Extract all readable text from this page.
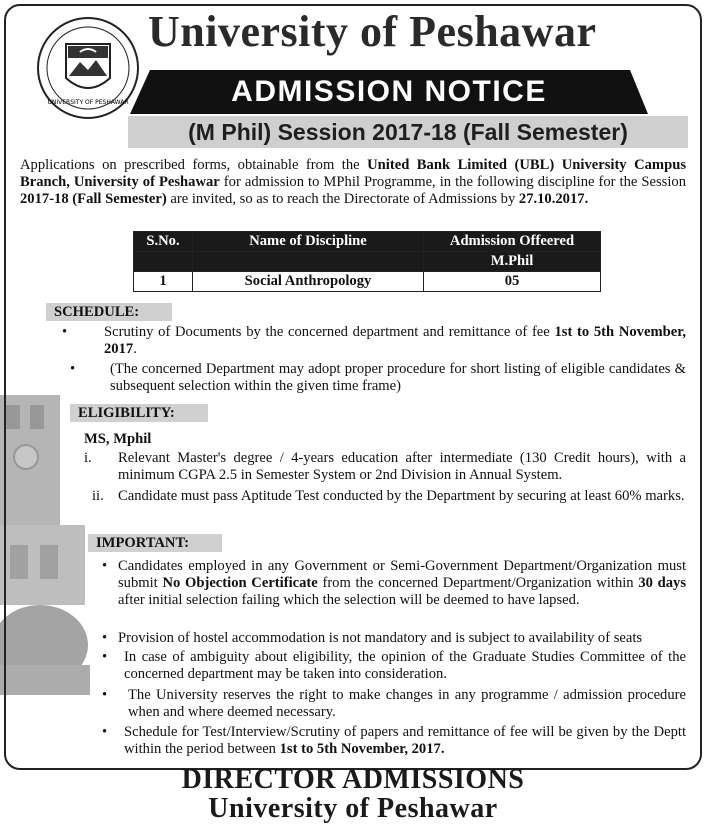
UNIVERSITY OF PESHAWAR
University of Peshawar
ADMISSION NOTICE
(M Phil) Session 2017-18 (Fall Semester)
Applications on prescribed forms, obtainable from the United Bank Limited (UBL) University Campus Branch, University of Peshawar for admission to MPhil Programme, in the following discipline for the Session 2017-18 (Fall Semester) are invited, so as to reach the Directorate of Admissions by 27.10.2017.
S.No.	Name of Discipline	Admission Offeered
		M.Phil
1	Social Anthropology	05
SCHEDULE:
•	Scrutiny of Documents by the concerned department and remittance of fee 1st to 5th November, 2017.
• (The concerned Department may adopt proper procedure for short listing of eligible candidates & subsequent selection within the given time frame)
ELIGIBILITY:
MS, Mphil
i. Relevant Master's degree / 4-years education after intermediate (130 Credit hours), with a minimum CGPA 2.5 in Semester System or 2nd Division in Annual System.
ii. Candidate must pass Aptitude Test conducted by the Department by securing at least 60% marks.
IMPORTANT:
• Candidates employed in any Government or Semi-Government Department/Organization must submit No Objection Certificate from the concerned Department/Organization within 30 days after initial selection failing which the selection will be deemed to have lapsed.
• Provision of hostel accommodation is not mandatory and is subject to availability of seats
• In case of ambiguity about eligibility, the opinion of the Graduate Studies Committee of the concerned department may be taken into consideration.
• The University reserves the right to make changes in any programme / admission procedure when and where deemed necessary.
• Schedule for Test/Interview/Scrutiny of papers and remittance of fee will be given by the Deptt within the period between 1st to 5th November, 2017.
DIRECTOR ADMISSIONS
University of Peshawar
